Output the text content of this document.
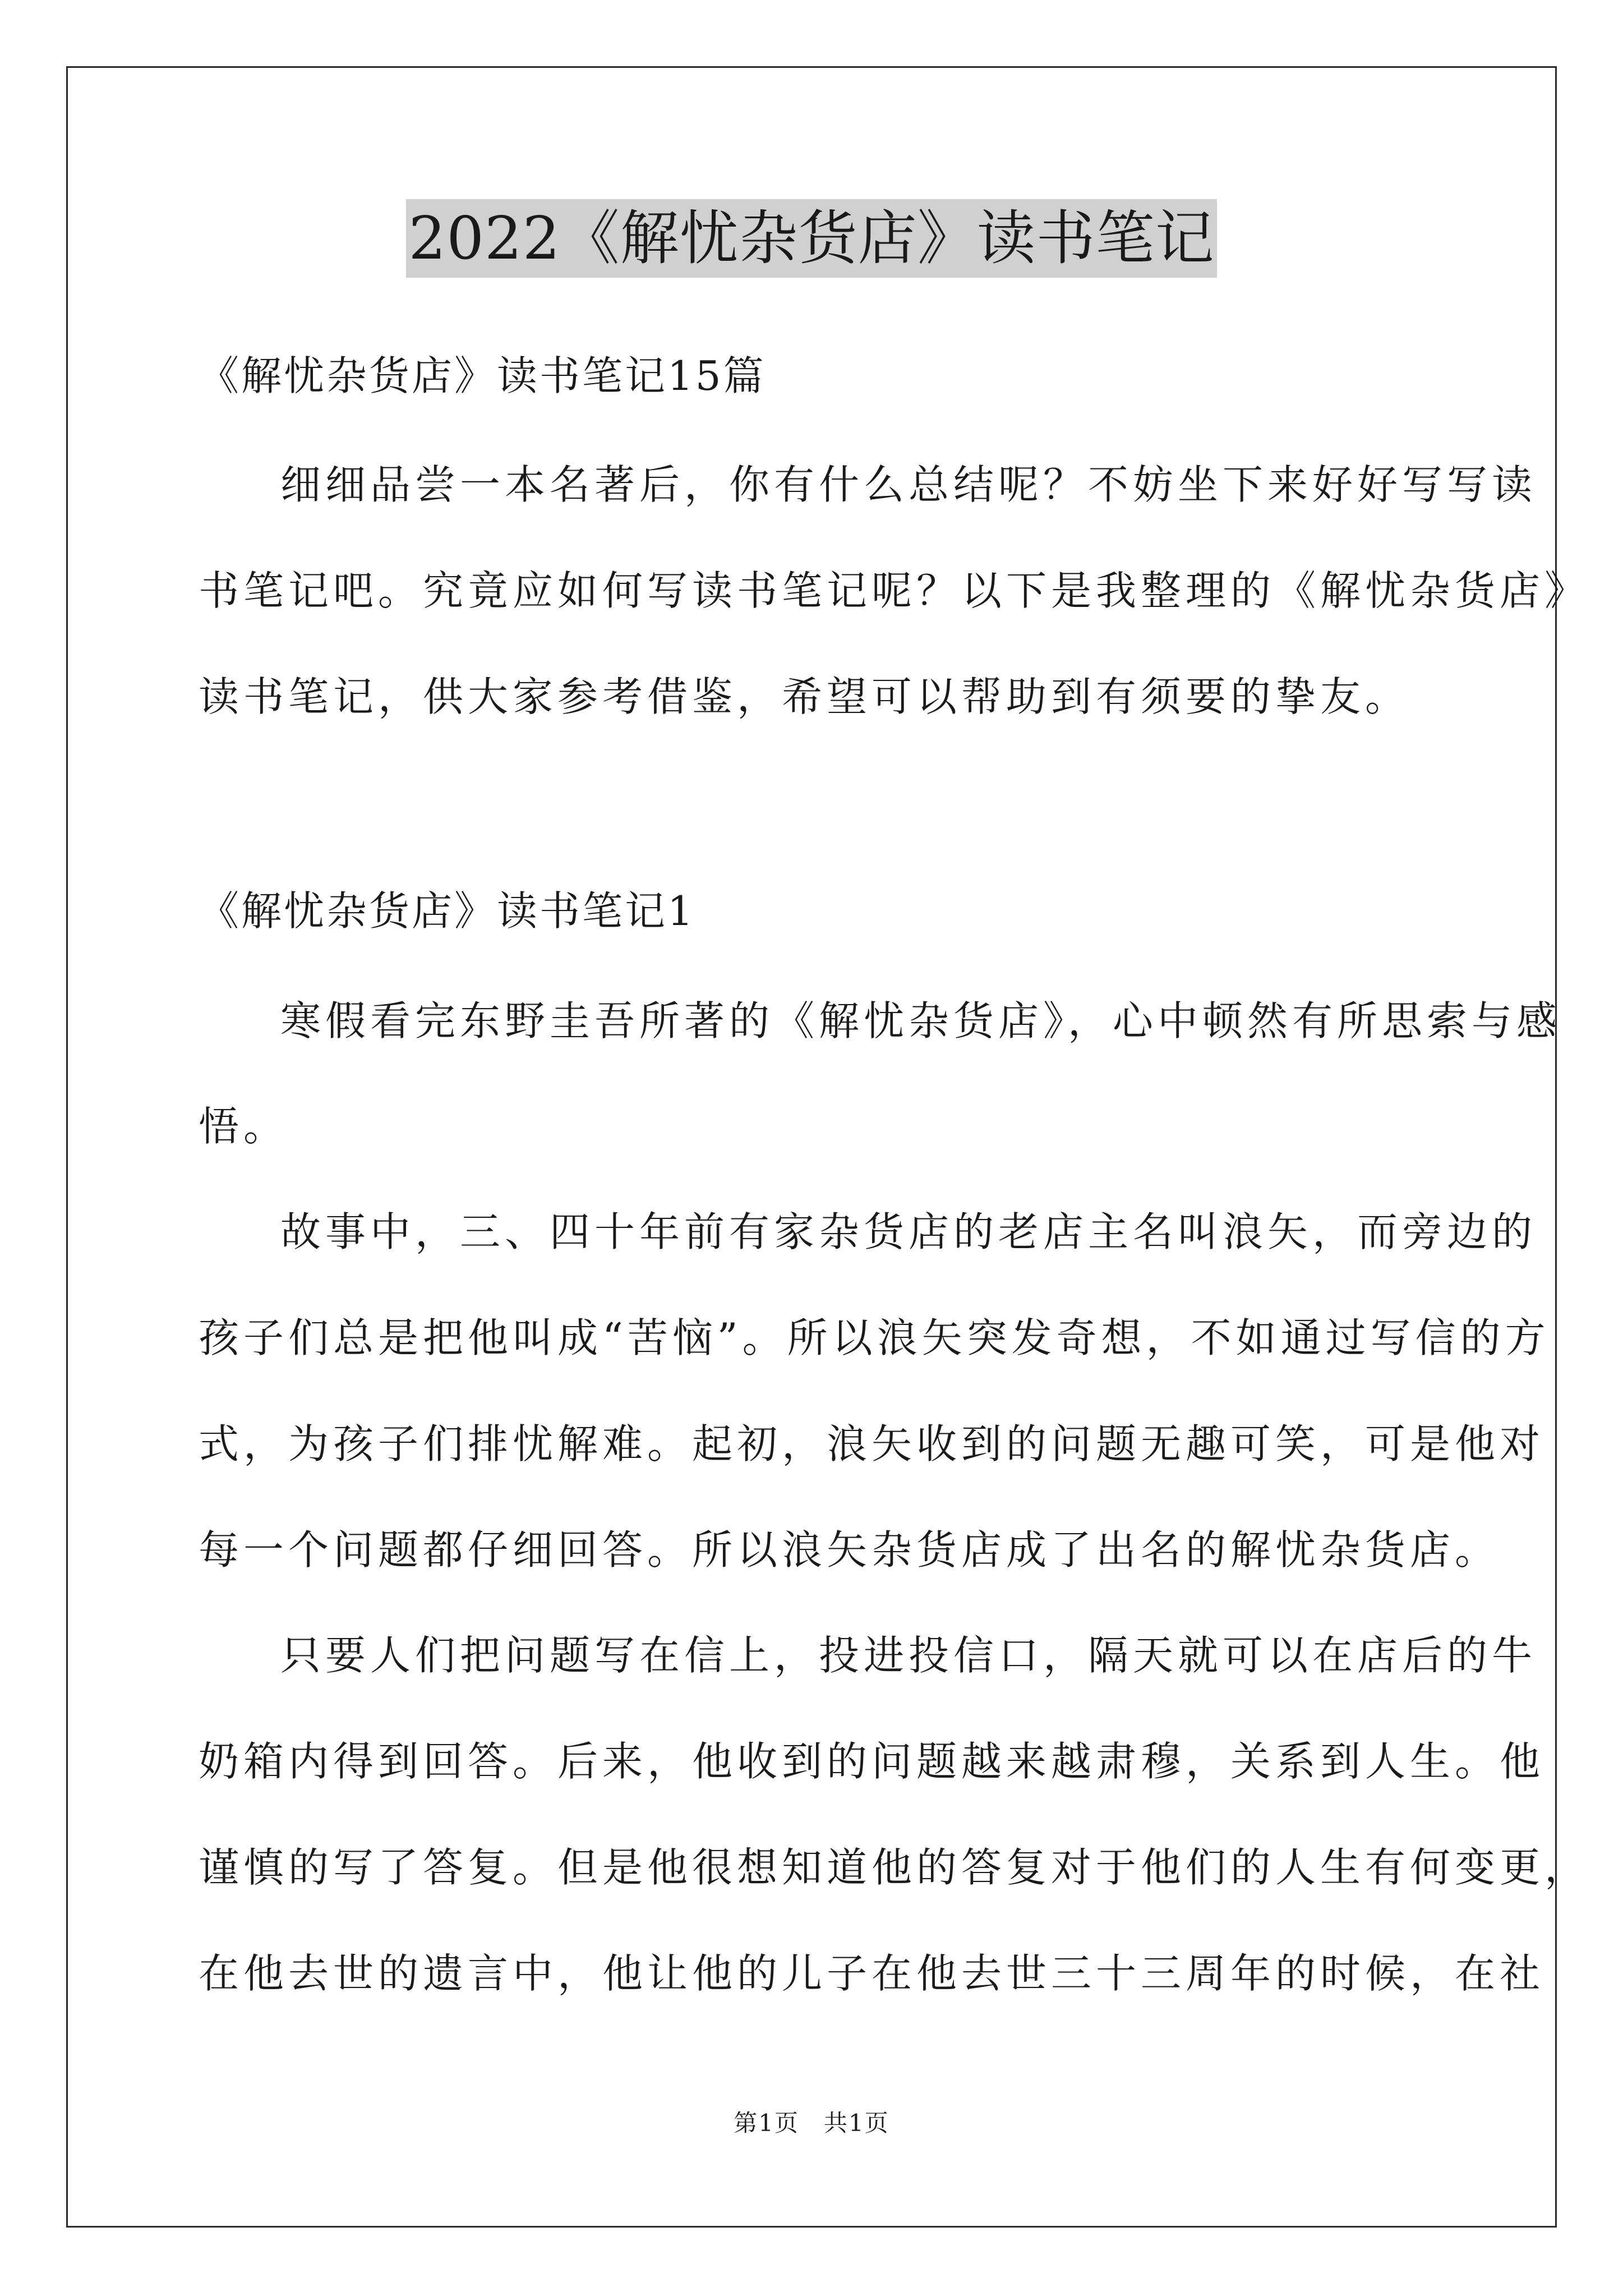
2022《解忧杂货店》读书笔记
《解忧杂货店》读书笔记15篇
细细品尝一本名著后，你有什么总结呢？不妨坐下来好好写写读
书笔记吧。究竟应如何写读书笔记呢？以下是我整理的《解忧杂货店》
读书笔记，供大家参考借鉴，希望可以帮助到有须要的挚友。
《解忧杂货店》读书笔记1
寒假看完东野圭吾所著的《解忧杂货店》，心中顿然有所思索与感
悟。
故事中，三、四十年前有家杂货店的老店主名叫浪矢，而旁边的
孩子们总是把他叫成“苦恼”。所以浪矢突发奇想，不如通过写信的方
式，为孩子们排忧解难。起初，浪矢收到的问题无趣可笑，可是他对
每一个问题都仔细回答。所以浪矢杂货店成了出名的解忧杂货店。
只要人们把问题写在信上，投进投信口，隔天就可以在店后的牛
奶箱内得到回答。后来，他收到的问题越来越肃穆，关系到人生。他
谨慎的写了答复。但是他很想知道他的答复对于他们的人生有何变更，
在他去世的遗言中，他让他的儿子在他去世三十三周年的时候，在社
第1页　共1页
